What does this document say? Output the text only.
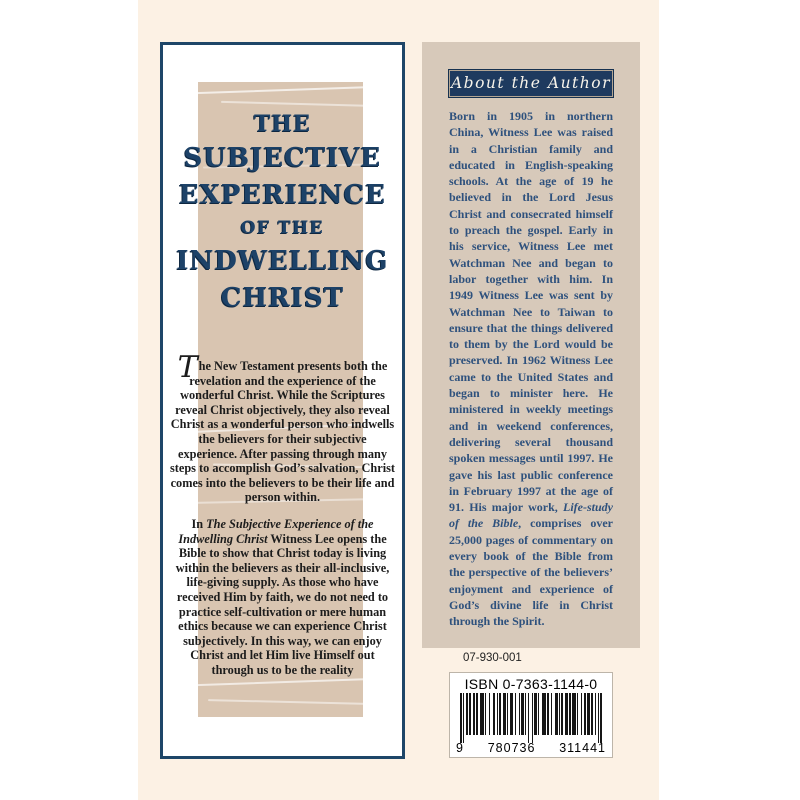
THE
SUBJECTIVE
EXPERIENCE
OF THE
INDWELLING
CHRIST

The New Testament presents both the revelation and the experience of the wonderful Christ. While the Scriptures reveal Christ objectively, they also reveal Christ as a wonderful person who indwells the believers for their subjective experience. After passing through many steps to accomplish God’s salvation, Christ comes into the believers to be their life and person within.

In The Subjective Experience of the Indwelling Christ Witness Lee opens the Bible to show that Christ today is living within the believers as their all-inclusive, life-giving supply. As those who have received Him by faith, we do not need to practice self-cultivation or mere human ethics because we can experience Christ subjectively. In this way, we can enjoy Christ and let Him live Himself out through us to be the reality

About the Author
Born in 1905 in northern China, Witness Lee was raised in a Christian family and educated in English-speaking schools. At the age of 19 he believed in the Lord Jesus Christ and consecrated himself to preach the gospel. Early in his service, Witness Lee met Watchman Nee and began to labor together with him. In 1949 Witness Lee was sent by Watchman Nee to Taiwan to ensure that the things delivered to them by the Lord would be preserved. In 1962 Witness Lee came to the United States and began to minister here. He ministered in weekly meetings and in weekend conferences, delivering several thousand spoken messages until 1997. He gave his last public conference in February 1997 at the age of 91. His major work, Life-study of the Bible, comprises over 25,000 pages of commentary on every book of the Bible from the perspective of the believers’ enjoyment and experience of God’s divine life in Christ through the Spirit.
07-930-001
ISBN 0-7363-1144-0
9 780736 311441
